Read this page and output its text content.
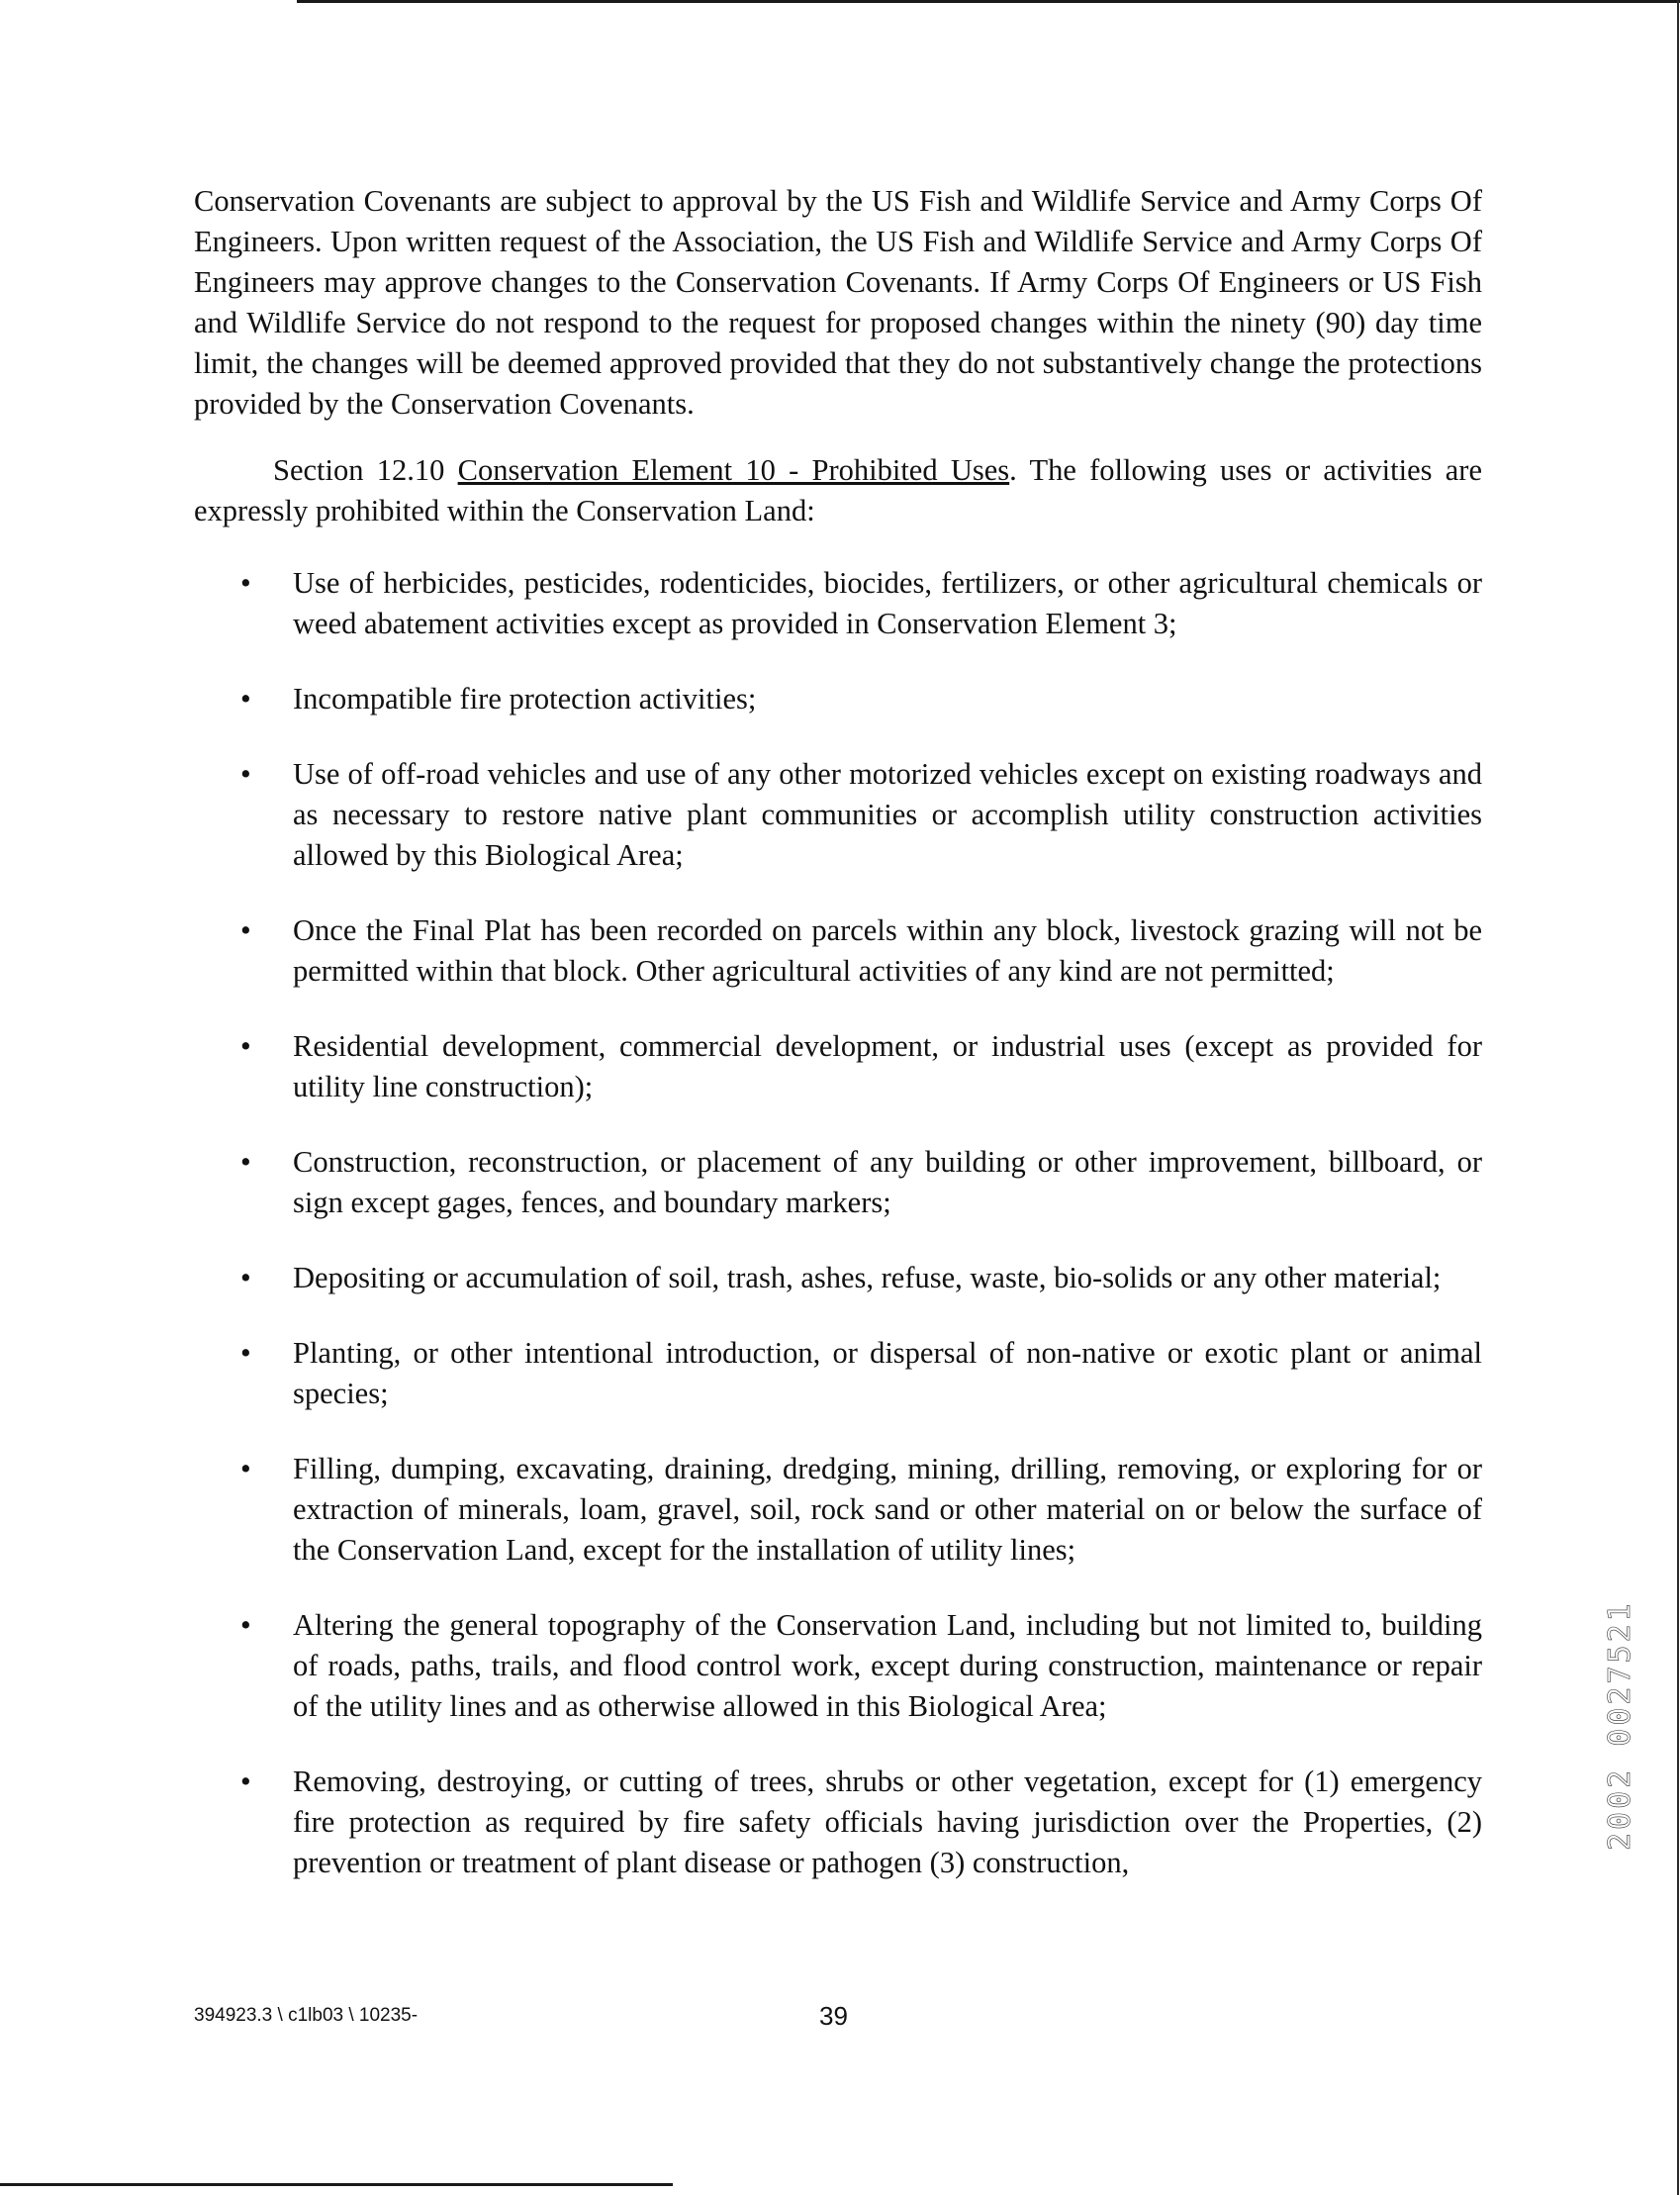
Conservation Covenants are subject to approval by the US Fish and Wildlife Service and Army Corps Of Engineers. Upon written request of the Association, the US Fish and Wildlife Service and Army Corps Of Engineers may approve changes to the Conservation Covenants. If Army Corps Of Engineers or US Fish and Wildlife Service do not respond to the request for proposed changes within the ninety (90) day time limit, the changes will be deemed approved provided that they do not substantively change the protections provided by the Conservation Covenants.

Section 12.10 Conservation Element 10 - Prohibited Uses. The following uses or activities are expressly prohibited within the Conservation Land:

• Use of herbicides, pesticides, rodenticides, biocides, fertilizers, or other agricultural chemicals or weed abatement activities except as provided in Conservation Element 3;
• Incompatible fire protection activities;
• Use of off-road vehicles and use of any other motorized vehicles except on existing roadways and as necessary to restore native plant communities or accomplish utility construction activities allowed by this Biological Area;
• Once the Final Plat has been recorded on parcels within any block, livestock grazing will not be permitted within that block. Other agricultural activities of any kind are not permitted;
• Residential development, commercial development, or industrial uses (except as provided for utility line construction);
• Construction, reconstruction, or placement of any building or other improvement, billboard, or sign except gages, fences, and boundary markers;
• Depositing or accumulation of soil, trash, ashes, refuse, waste, bio-solids or any other material;
• Planting, or other intentional introduction, or dispersal of non-native or exotic plant or animal species;
• Filling, dumping, excavating, draining, dredging, mining, drilling, removing, or exploring for or extraction of minerals, loam, gravel, soil, rock sand or other material on or below the surface of the Conservation Land, except for the installation of utility lines;
• Altering the general topography of the Conservation Land, including but not limited to, building of roads, paths, trails, and flood control work, except during construction, maintenance or repair of the utility lines and as otherwise allowed in this Biological Area;
• Removing, destroying, or cutting of trees, shrubs or other vegetation, except for (1) emergency fire protection as required by fire safety officials having jurisdiction over the Properties, (2) prevention or treatment of plant disease or pathogen (3) construction,
2002 0027521
394923.3 \ c1lb03 \ 10235-	39
